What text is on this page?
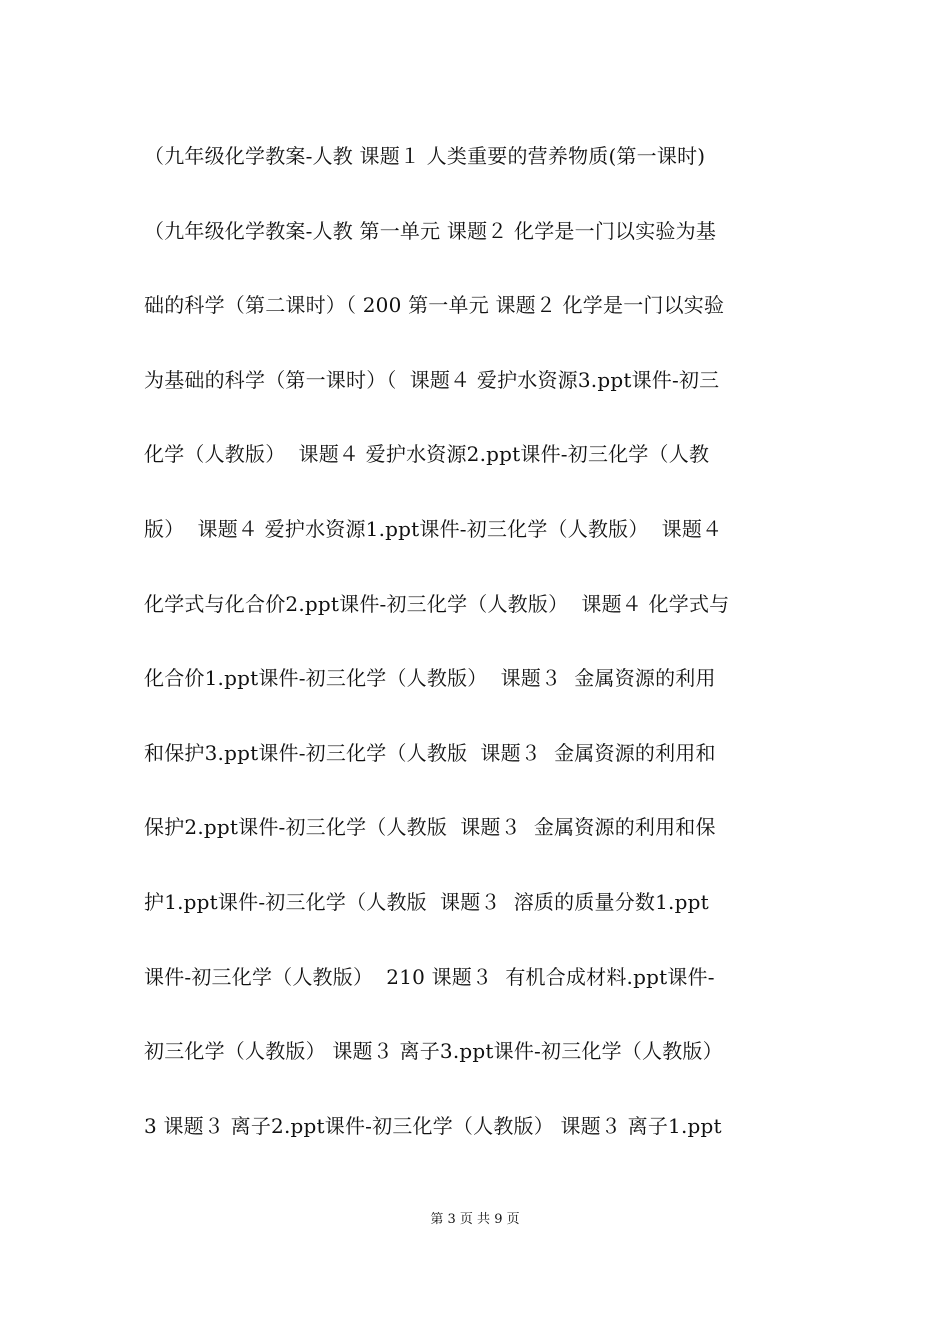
（九年级化学教案-人教 课题１ 人类重要的营养物质(第一课时)
（九年级化学教案-人教 第一单元 课题２ 化学是一门以实验为基
础的科学（第二课时）（ 200 第一单元 课题２ 化学是一门以实验
为基础的科学（第一课时）（  课题４ 爱护水资源3.ppt课件-初三
化学（人教版）  课题４ 爱护水资源2.ppt课件-初三化学（人教
版）  课题４ 爱护水资源1.ppt课件-初三化学（人教版）  课题４
化学式与化合价2.ppt课件-初三化学（人教版）  课题４ 化学式与
化合价1.ppt课件-初三化学（人教版）  课题３  金属资源的利用
和保护3.ppt课件-初三化学（人教版  课题３  金属资源的利用和
保护2.ppt课件-初三化学（人教版  课题３  金属资源的利用和保
护1.ppt课件-初三化学（人教版  课题３  溶质的质量分数1.ppt
课件-初三化学（人教版）  210 课题３  有机合成材料.ppt课件-
初三化学（人教版） 课题３ 离子3.ppt课件-初三化学（人教版）
3 课题３ 离子2.ppt课件-初三化学（人教版） 课题３ 离子1.ppt
第 3 页 共 9 页
